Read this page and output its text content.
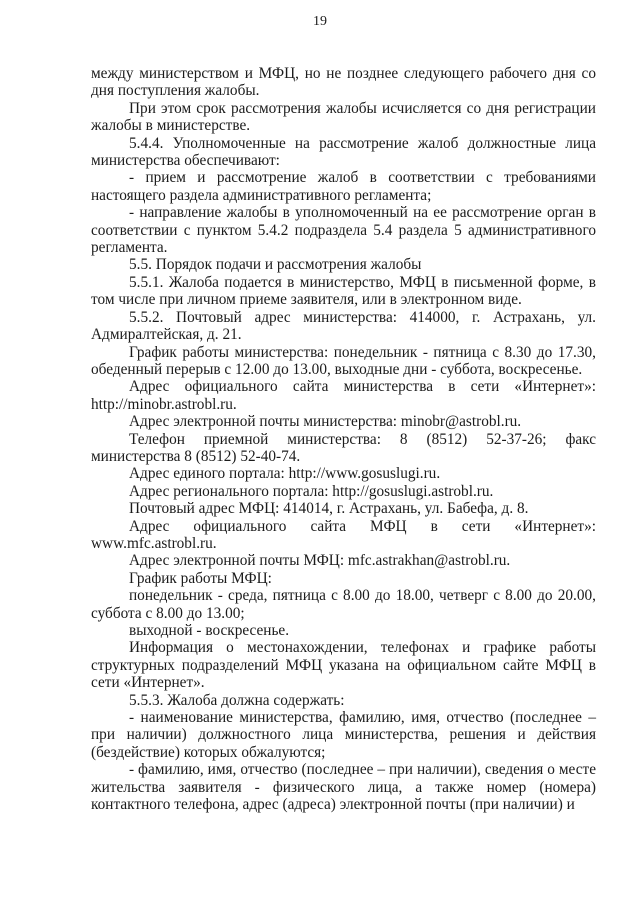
19

между министерством и МФЦ, но не позднее следующего рабочего дня со дня поступления жалобы.

При этом срок рассмотрения жалобы исчисляется со дня регистрации жалобы в министерстве.

5.4.4. Уполномоченные на рассмотрение жалоб должностные лица министерства обеспечивают:

- прием и рассмотрение жалоб в соответствии с требованиями настоящего раздела административного регламента;

- направление жалобы в уполномоченный на ее рассмотрение орган в соответствии с пунктом 5.4.2 подраздела 5.4 раздела 5 административного регламента.

5.5. Порядок подачи и рассмотрения жалобы

5.5.1. Жалоба подается в министерство, МФЦ в письменной форме, в том числе при личном приеме заявителя, или в электронном виде.

5.5.2. Почтовый адрес министерства: 414000, г. Астрахань, ул. Адмиралтейская, д. 21.

График работы министерства: понедельник - пятница с 8.30 до 17.30, обеденный перерыв с 12.00 до 13.00, выходные дни - суббота, воскресенье.

Адрес официального сайта министерства в сети «Интернет»: http://minobr.astrobl.ru.

Адрес электронной почты министерства: minobr@astrobl.ru.

Телефон приемной министерства: 8 (8512) 52-37-26; факс министерства 8 (8512) 52-40-74.

Адрес единого портала: http://www.gosuslugi.ru.

Адрес регионального портала: http://gosuslugi.astrobl.ru.

Почтовый адрес МФЦ: 414014, г. Астрахань, ул. Бабефа, д. 8.

Адрес официального сайта МФЦ в сети «Интернет»: www.mfc.astrobl.ru.

Адрес электронной почты МФЦ: mfc.astrakhan@astrobl.ru.

График работы МФЦ:

понедельник - среда, пятница с 8.00 до 18.00, четверг с 8.00 до 20.00, суббота с 8.00 до 13.00;

выходной - воскресенье.

Информация о местонахождении, телефонах и графике работы структурных подразделений МФЦ указана на официальном сайте МФЦ в сети «Интернет».

5.5.3. Жалоба должна содержать:

- наименование министерства, фамилию, имя, отчество (последнее – при наличии) должностного лица министерства, решения и действия (бездействие) которых обжалуются;

- фамилию, имя, отчество (последнее – при наличии), сведения о месте жительства заявителя - физического лица, а также номер (номера) контактного телефона, адрес (адреса) электронной почты (при наличии) и
